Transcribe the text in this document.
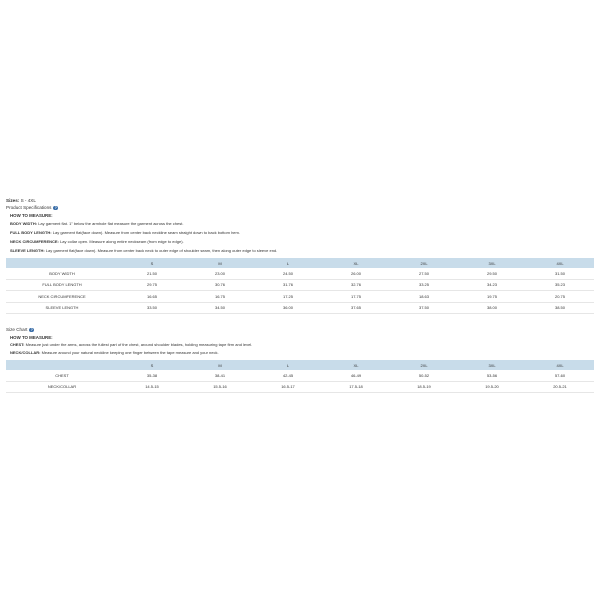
Sizes: S - 4XL
Product Specifications ?
HOW TO MEASURE:
BODY WIDTH: Lay garment flat. 1" below the armhole flat measure the garment across the chest.
FULL BODY LENGTH: Lay garment flat(face down). Measure from center back neckline seam straight down to back bottom hem.
NECK CIRCUMFERENCE: Lay collar open. Measure along entire neckseam (from edge to edge).
SLEEVE LENGTH: Lay garment flat(face down). Measure from center back neck to outer edge of shoulder seam, then along outer edge to sleeve end.
	S	M	L	XL	2XL	3XL	4XL
BODY WIDTH	21.50	23.00	24.50	26.00	27.50	29.50	31.50
FULL BODY LENGTH	29.75	30.76	31.76	32.76	33.25	34.23	35.23
NECK CIRCUMFERENCE	16.65	16.75	17.25	17.75	18.63	19.75	20.75
SLEEVE LENGTH	33.50	34.50	36.00	37.65	37.50	38.00	38.50
Size Chart ?
HOW TO MEASURE:
CHEST: Measure just under the arms, across the fullest part of the chest, around shoulder blades, holding measuring tape firm and level.
NECK/COLLAR: Measure around your natural neckline keeping one finger between the tape measure and your neck.
	S	M	L	XL	2XL	3XL	4XL
CHEST	35-38	38-41	42-45	46-49	50-52	53-56	57-60
NECK/COLLAR	14.5-15	15.5-16	16.5-17	17.5-18	18.5-19	19.5-20	20.5-21
